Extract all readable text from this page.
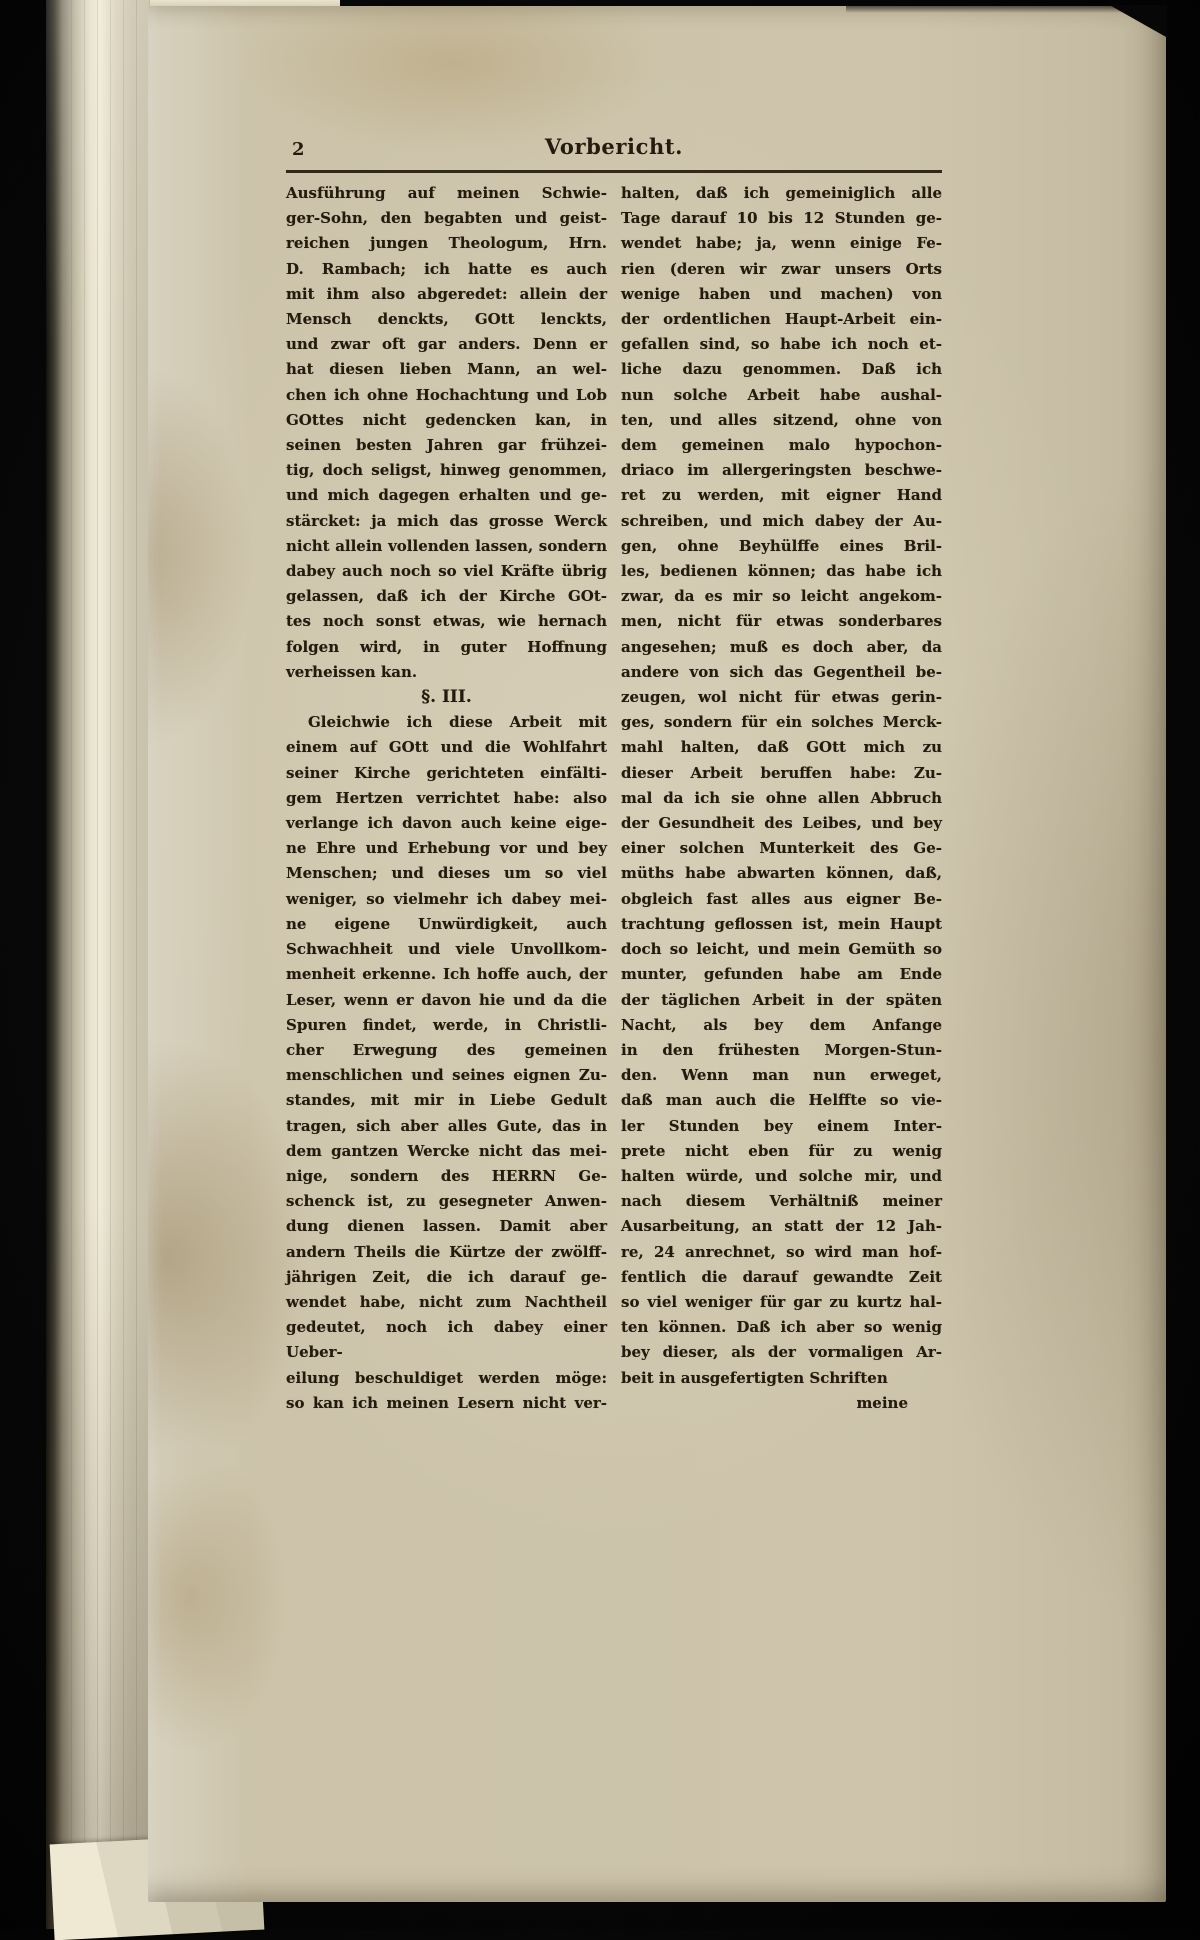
2	Vorbericht.
Ausführung auf meinen Schwie-
ger-Sohn, den begabten und geist-
reichen jungen Theologum, Hrn.
D. Rambach; ich hatte es auch
mit ihm also abgeredet: allein der
Mensch denckts, GOtt lenckts,
und zwar oft gar anders. Denn er
hat diesen lieben Mann, an wel-
chen ich ohne Hochachtung und Lob
GOttes nicht gedencken kan, in
seinen besten Jahren gar frühzei-
tig, doch seligst, hinweg genommen,
und mich dagegen erhalten und ge-
stärcket: ja mich das grosse Werck
nicht allein vollenden lassen, sondern
dabey auch noch so viel Kräfte übrig
gelassen, daß ich der Kirche GOt-
tes noch sonst etwas, wie hernach
folgen wird, in guter Hoffnung
verheissen kan.
§. III.
Gleichwie ich diese Arbeit mit
einem auf GOtt und die Wohlfahrt
seiner Kirche gerichteten einfälti-
gem Hertzen verrichtet habe: also
verlange ich davon auch keine eige-
ne Ehre und Erhebung vor und bey
Menschen; und dieses um so viel
weniger, so vielmehr ich dabey mei-
ne eigene Unwürdigkeit, auch
Schwachheit und viele Unvollkom-
menheit erkenne. Ich hoffe auch, der
Leser, wenn er davon hie und da die
Spuren findet, werde, in Christli-
cher Erwegung des gemeinen
menschlichen und seines eignen Zu-
standes, mit mir in Liebe Gedult
tragen, sich aber alles Gute, das in
dem gantzen Wercke nicht das mei-
nige, sondern des HERRN Ge-
schenck ist, zu gesegneter Anwen-
dung dienen lassen. Damit aber
andern Theils die Kürtze der zwölff-
jährigen Zeit, die ich darauf ge-
wendet habe, nicht zum Nachtheil
gedeutet, noch ich dabey einer Ueber-
eilung beschuldiget werden möge:
so kan ich meinen Lesern nicht ver-
halten, daß ich gemeiniglich alle
Tage darauf 10 bis 12 Stunden ge-
wendet habe; ja, wenn einige Fe-
rien (deren wir zwar unsers Orts
wenige haben und machen) von
der ordentlichen Haupt-Arbeit ein-
gefallen sind, so habe ich noch et-
liche dazu genommen. Daß ich
nun solche Arbeit habe aushal-
ten, und alles sitzend, ohne von
dem gemeinen malo hypochon-
driaco im allergeringsten beschwe-
ret zu werden, mit eigner Hand
schreiben, und mich dabey der Au-
gen, ohne Beyhülffe eines Bril-
les, bedienen können; das habe ich
zwar, da es mir so leicht angekom-
men, nicht für etwas sonderbares
angesehen; muß es doch aber, da
andere von sich das Gegentheil be-
zeugen, wol nicht für etwas gerin-
ges, sondern für ein solches Merck-
mahl halten, daß GOtt mich zu
dieser Arbeit beruffen habe: Zu-
mal da ich sie ohne allen Abbruch
der Gesundheit des Leibes, und bey
einer solchen Munterkeit des Ge-
müths habe abwarten können, daß,
obgleich fast alles aus eigner Be-
trachtung geflossen ist, mein Haupt
doch so leicht, und mein Gemüth so
munter, gefunden habe am Ende
der täglichen Arbeit in der späten
Nacht, als bey dem Anfange
in den frühesten Morgen-Stun-
den. Wenn man nun erweget,
daß man auch die Helffte so vie-
ler Stunden bey einem Inter-
prete nicht eben für zu wenig
halten würde, und solche mir, und
nach diesem Verhältniß meiner
Ausarbeitung, an statt der 12 Jah-
re, 24 anrechnet, so wird man hof-
fentlich die darauf gewandte Zeit
so viel weniger für gar zu kurtz hal-
ten können. Daß ich aber so wenig
bey dieser, als der vormaligen Ar-
beit in ausgefertigten Schriften
meine
